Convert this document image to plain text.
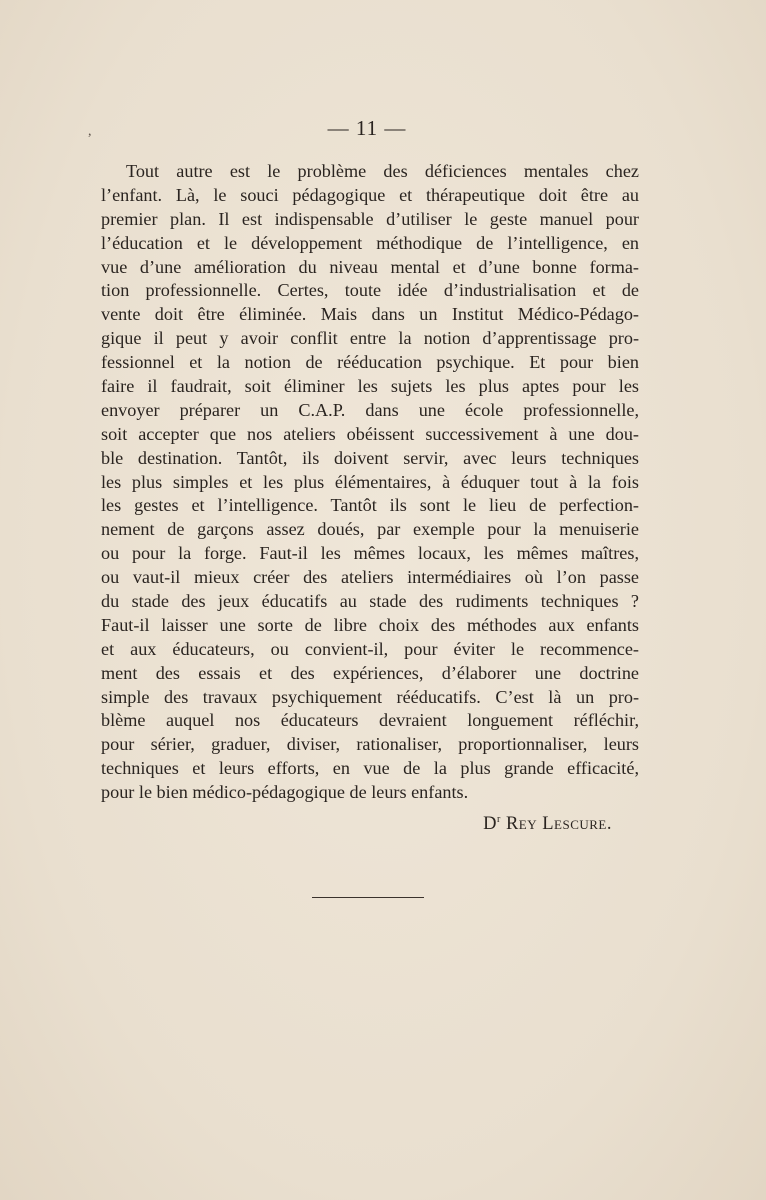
,	— 11 —
Tout autre est le problème des déficiences mentales chez
l’enfant. Là, le souci pédagogique et thérapeutique doit être au
premier plan. Il est indispensable d’utiliser le geste manuel pour
l’éducation et le développement méthodique de l’intelligence, en
vue d’une amélioration du niveau mental et d’une bonne forma-
tion professionnelle. Certes, toute idée d’industrialisation et de
vente doit être éliminée. Mais dans un Institut Médico-Pédago-
gique il peut y avoir conflit entre la notion d’apprentissage pro-
fessionnel et la notion de rééducation psychique. Et pour bien
faire il faudrait, soit éliminer les sujets les plus aptes pour les
envoyer préparer un C.A.P. dans une école professionnelle,
soit accepter que nos ateliers obéissent successivement à une dou-
ble destination. Tantôt, ils doivent servir, avec leurs techniques
les plus simples et les plus élémentaires, à éduquer tout à la fois
les gestes et l’intelligence. Tantôt ils sont le lieu de perfection-
nement de garçons assez doués, par exemple pour la menuiserie
ou pour la forge. Faut-il les mêmes locaux, les mêmes maîtres,
ou vaut-il mieux créer des ateliers intermédiaires où l’on passe
du stade des jeux éducatifs au stade des rudiments techniques ?
Faut-il laisser une sorte de libre choix des méthodes aux enfants
et aux éducateurs, ou convient-il, pour éviter le recommence-
ment des essais et des expériences, d’élaborer une doctrine
simple des travaux psychiquement rééducatifs. C’est là un pro-
blème auquel nos éducateurs devraient longuement réfléchir,
pour sérier, graduer, diviser, rationaliser, proportionnaliser, leurs
techniques et leurs efforts, en vue de la plus grande efficacité,
pour le bien médico-pédagogique de leurs enfants.
$D^r$ Rey Lescure.
